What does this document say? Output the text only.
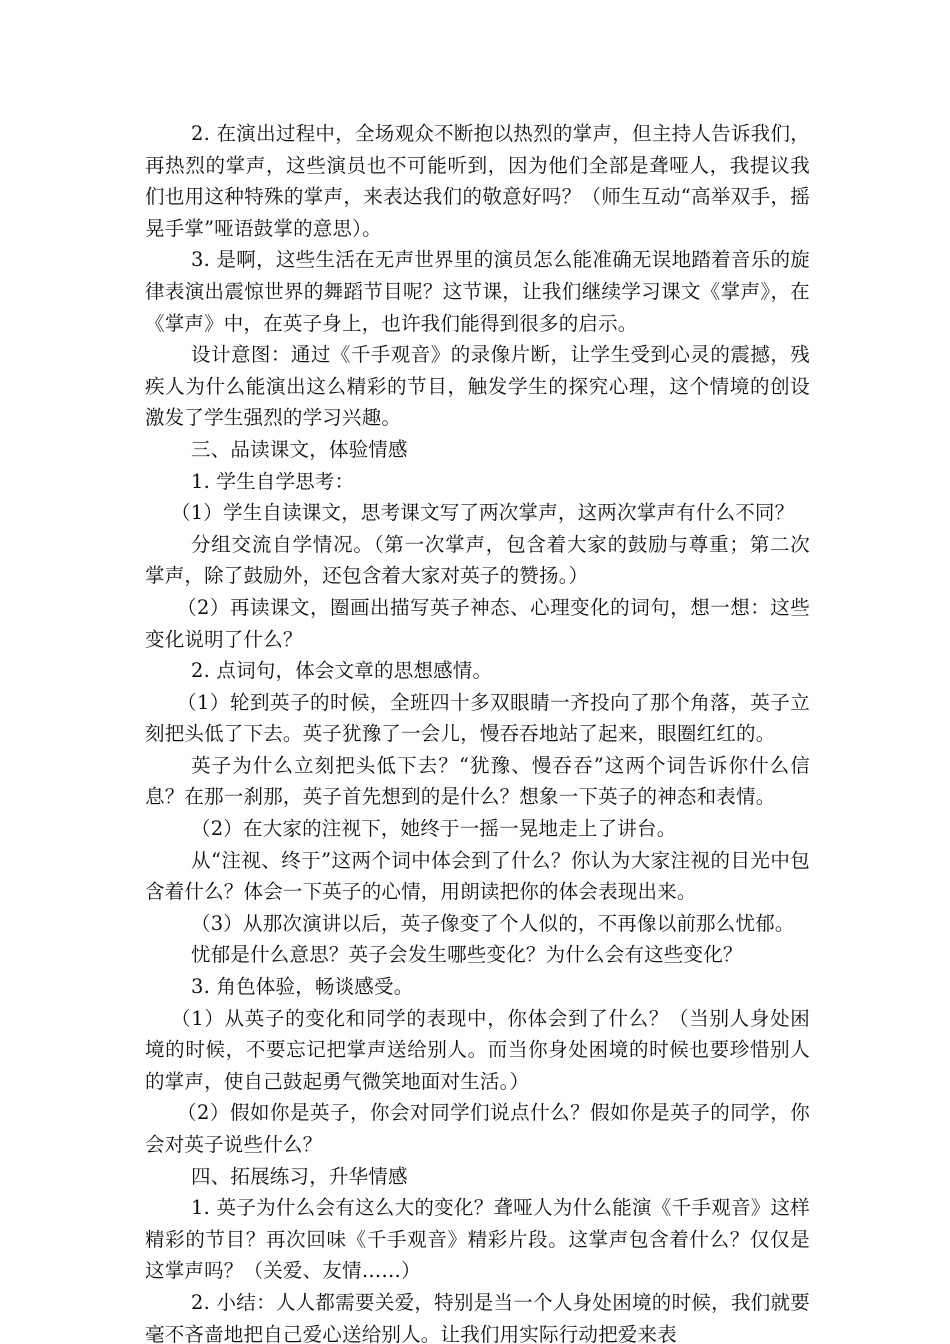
2. 在演出过程中，全场观众不断抱以热烈的掌声，但主持人告诉我们，再热烈的掌声，这些演员也不可能听到，因为他们全部是聋哑人，我提议我们也用这种特殊的掌声，来表达我们的敬意好吗？（师生互动“高举双手，摇晃手掌”哑语鼓掌的意思）。

3. 是啊，这些生活在无声世界里的演员怎么能准确无误地踏着音乐的旋律表演出震惊世界的舞蹈节目呢？这节课，让我们继续学习课文《掌声》，在《掌声》中，在英子身上，也许我们能得到很多的启示。

设计意图：通过《千手观音》的录像片断，让学生受到心灵的震撼，残疾人为什么能演出这么精彩的节目，触发学生的探究心理，这个情境的创设激发了学生强烈的学习兴趣。

三、品读课文，体验情感

1. 学生自学思考：

（1）学生自读课文，思考课文写了两次掌声，这两次掌声有什么不同？

分组交流自学情况。（第一次掌声，包含着大家的鼓励与尊重；第二次掌声，除了鼓励外，还包含着大家对英子的赞扬。）

（2）再读课文，圈画出描写英子神态、心理变化的词句，想一想：这些变化说明了什么？

2. 点词句，体会文章的思想感情。

（1）轮到英子的时候，全班四十多双眼睛一齐投向了那个角落，英子立刻把头低了下去。英子犹豫了一会儿，慢吞吞地站了起来，眼圈红红的。

英子为什么立刻把头低下去？“犹豫、慢吞吞”这两个词告诉你什么信息？在那一刹那，英子首先想到的是什么？想象一下英子的神态和表情。

（2）在大家的注视下，她终于一摇一晃地走上了讲台。

从“注视、终于”这两个词中体会到了什么？你认为大家注视的目光中包含着什么？体会一下英子的心情，用朗读把你的体会表现出来。

（3）从那次演讲以后，英子像变了个人似的，不再像以前那么忧郁。

忧郁是什么意思？英子会发生哪些变化？为什么会有这些变化？

3. 角色体验，畅谈感受。

（1）从英子的变化和同学的表现中，你体会到了什么？（当别人身处困境的时候，不要忘记把掌声送给别人。而当你身处困境的时候也要珍惜别人的掌声，使自己鼓起勇气微笑地面对生活。）

（2）假如你是英子，你会对同学们说点什么？假如你是英子的同学，你会对英子说些什么？

四、拓展练习，升华情感

1. 英子为什么会有这么大的变化？聋哑人为什么能演《千手观音》这样精彩的节目？再次回味《千手观音》精彩片段。这掌声包含着什么？仅仅是这掌声吗？（关爱、友情……）

2. 小结：人人都需要关爱，特别是当一个人身处困境的时候，我们就要毫不吝啬地把自己爱心送给别人。让我们用实际行动把爱来表
